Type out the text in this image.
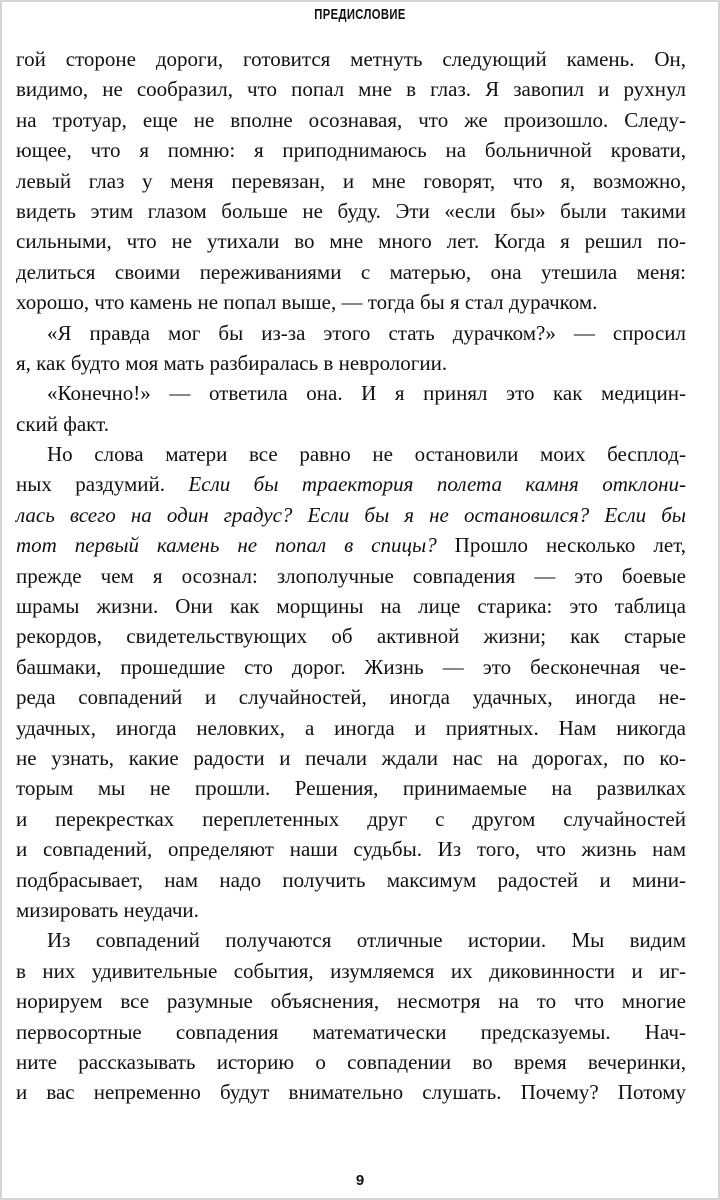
ПРЕДИСЛОВИЕ
гой стороне дороги, готовится метнуть следующий камень. Он,
видимо, не сообразил, что попал мне в глаз. Я завопил и рухнул
на тротуар, еще не вполне осознавая, что же произошло. Следу-
ющее, что я помню: я приподнимаюсь на больничной кровати,
левый глаз у меня перевязан, и мне говорят, что я, возможно,
видеть этим глазом больше не буду. Эти «если бы» были такими
сильными, что не утихали во мне много лет. Когда я решил по-
делиться своими переживаниями с матерью, она утешила меня:
хорошо, что камень не попал выше, — тогда бы я стал дурачком.
«Я правда мог бы из-за этого стать дурачком?» — спросил
я, как будто моя мать разбиралась в неврологии.
«Конечно!» — ответила она. И я принял это как медицин-
ский факт.
Но слова матери все равно не остановили моих бесплод-
ных раздумий. Если бы траектория полета камня отклони-
лась всего на один градус? Если бы я не остановился? Если бы
тот первый камень не попал в спицы? Прошло несколько лет,
прежде чем я осознал: злополучные совпадения — это боевые
шрамы жизни. Они как морщины на лице старика: это таблица
рекордов, свидетельствующих об активной жизни; как старые
башмаки, прошедшие сто дорог. Жизнь — это бесконечная че-
реда совпадений и случайностей, иногда удачных, иногда не-
удачных, иногда неловких, а иногда и приятных. Нам никогда
не узнать, какие радости и печали ждали нас на дорогах, по ко-
торым мы не прошли. Решения, принимаемые на развилках
и перекрестках переплетенных друг с другом случайностей
и совпадений, определяют наши судьбы. Из того, что жизнь нам
подбрасывает, нам надо получить максимум радостей и мини-
мизировать неудачи.
Из совпадений получаются отличные истории. Мы видим
в них удивительные события, изумляемся их диковинности и иг-
норируем все разумные объяснения, несмотря на то что многие
первосортные совпадения математически предсказуемы. Нач-
ните рассказывать историю о совпадении во время вечеринки,
и вас непременно будут внимательно слушать. Почему? Потому
9
